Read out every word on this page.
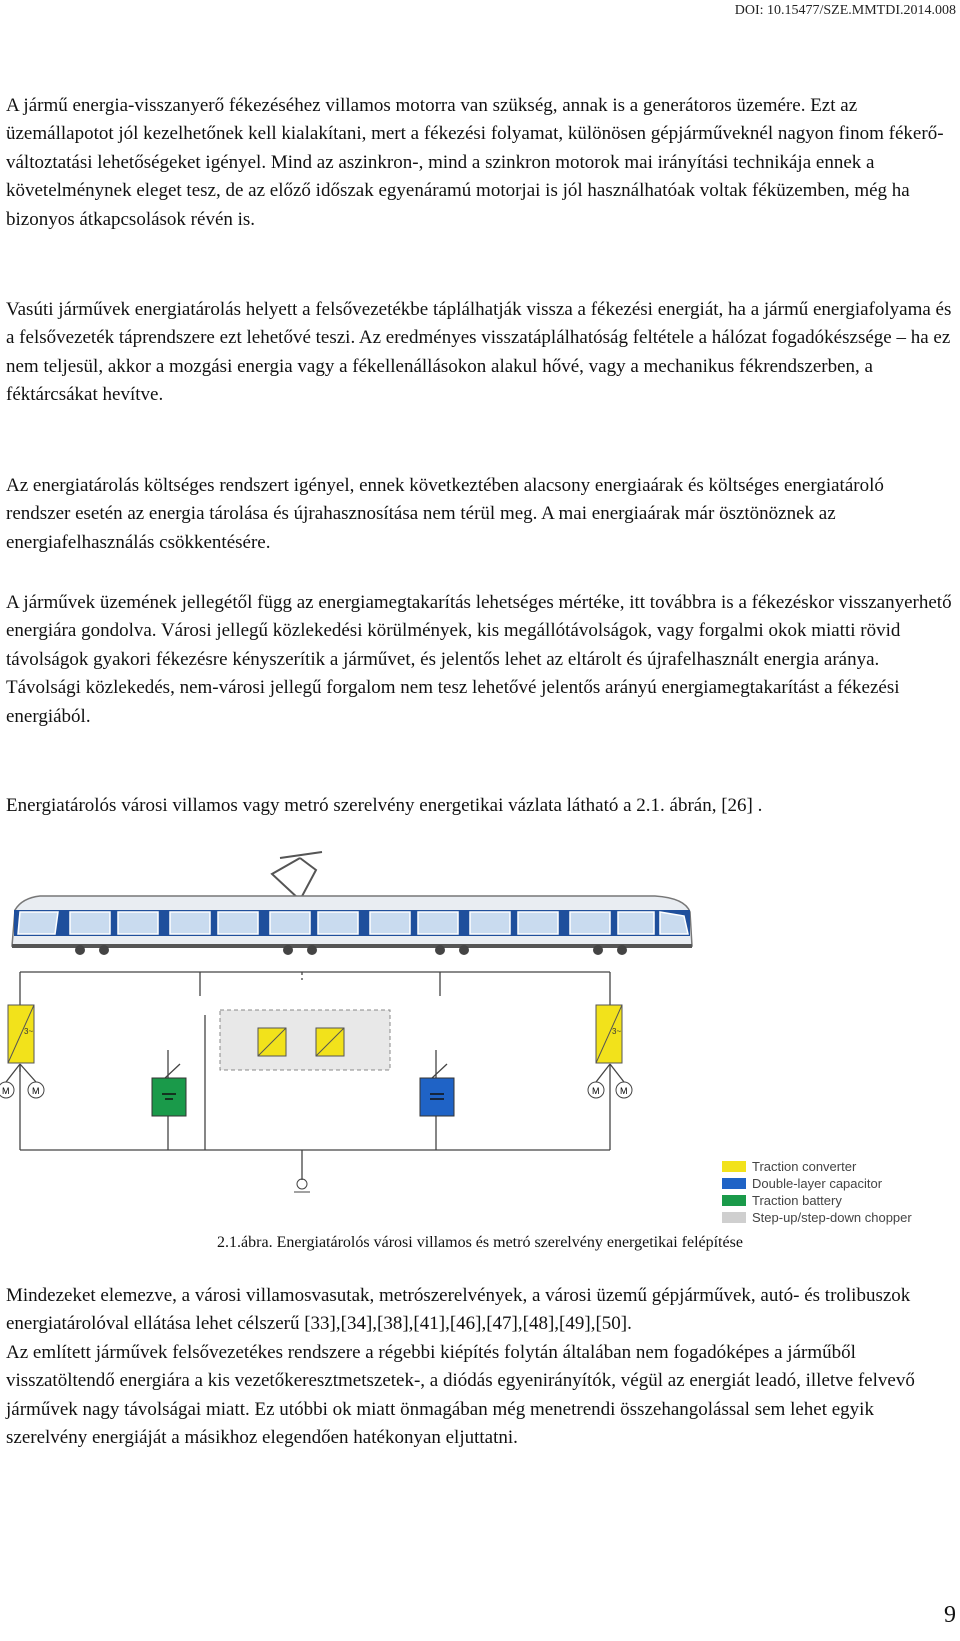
DOI: 10.15477/SZE.MMTDI.2014.008

A jármű energia-visszanyerő fékezéséhez villamos motorra van szükség, annak is a generátoros üzemére. Ezt az üzemállapotot jól kezelhetőnek kell kialakítani, mert a fékezési folyamat, különösen gépjárműveknél nagyon finom fékerő-változtatási lehetőségeket igényel. Mind az aszinkron-, mind a szinkron motorok mai irányítási technikája ennek a követelménynek eleget tesz, de az előző időszak egyenáramú motorjai is jól használhatóak voltak féküzemben, még ha bizonyos átkapcsolások révén is.

Vasúti járművek energiatárolás helyett a felsővezetékbe táplálhatják vissza a fékezési energiát, ha a jármű energiafolyama és a felsővezeték táprendszere ezt lehetővé teszi. Az eredményes visszatáplálhatóság feltétele a hálózat fogadókészsége – ha ez nem teljesül, akkor a mozgási energia vagy a fékellenállásokon alakul hővé, vagy a mechanikus fékrendszerben, a féktárcsákat hevítve.

Az energiatárolás költséges rendszert igényel, ennek következtében alacsony energiaárak és költséges energiatároló rendszer esetén az energia tárolása és újrahasznosítása nem térül meg. A mai energiaárak már ösztönöznek az energiafelhasználás csökkentésére.

A járművek üzemének jellegétől függ az energiamegtakarítás lehetséges mértéke, itt továbbra is a fékezéskor visszanyerhető energiára gondolva. Városi jellegű közlekedési körülmények, kis megállótávolságok, vagy forgalmi okok miatti rövid távolságok gyakori fékezésre kényszerítik a járművet, és jelentős lehet az eltárolt és újrafelhasznált energia aránya. Távolsági közlekedés, nem-városi jellegű forgalom nem tesz lehetővé jelentős arányú energiamegtakarítást a fékezési energiából.

Energiatárolós városi villamos vagy metró szerelvény energetikai vázlata látható a 2.1. ábrán, [26] .

3~	3~
M	M	M M
Traction converter
Double-layer capacitor
Traction battery
Step-up/step-down chopper
2.1.ábra. Energiatárolós városi villamos és metró szerelvény energetikai felépítése

Mindezeket elemezve, a városi villamosvasutak, metrószerelvények, a városi üzemű gépjárművek, autó- és trolibuszok energiatárolóval ellátása lehet célszerű [33],[34],[38],[41],[46],[47],[48],[49],[50].
Az említett járművek felsővezetékes rendszere a régebbi kiépítés folytán általában nem fogadóképes a járműből visszatöltendő energiára a kis vezetőkeresztmetszetek-, a diódás egyenirányítók, végül az energiát leadó, illetve felvevő járművek nagy távolságai miatt. Ez utóbbi ok miatt önmagában még menetrendi összehangolással sem lehet egyik szerelvény energiáját a másikhoz elegendően hatékonyan eljuttatni.

9
